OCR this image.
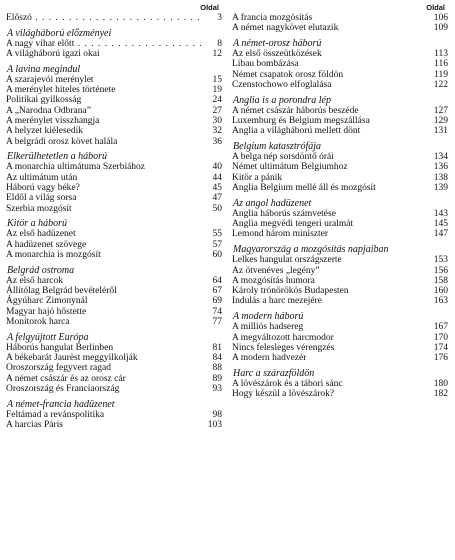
Oldal
Előszó . . .	3
A világháború előzményei
A nagy vihar előtt . . .	8
A világháború igazi okai	12
A lavina megindul
A szarajevói merénylet	15
A merénylet hiteles története	19
Politikai gyilkosság	24
A „Narodna Odbrana”	27
A merénylet visszhangja	30
A helyzet kiélesedik	32
A belgrádi orosz követ halála	36
Elkerülhetetlen a háború
A monarchia ultimátuma Szerbiához	40
Az ultimátum után	44
Háború vagy béke?	45
Eldől a világ sorsa	47
Szerbia mozgósít	50
Kitör a háború
Az első hadüzenet	55
A hadüzenet szövege	57
A monarchia is mozgósít	60
Belgrád ostroma
Az első harcok	64
Állítólag Belgrád bevételéről	67
Ágyúharc Zimonynál	69
Magyar hajó hőstette	74
Monitorok harca	77
A felgyújtott Európa
Háborús hangulat Berlinben	81
A békebarát Jaurèst meggyilkolják	84
Oroszország fegyvert ragad	88
A német császár és az orosz cár	89
Oroszország és Franciaország	93
A német-francia hadüzenet
Feltámad a revánspolitika	98
A harcias Páris	103
Oldal
A francia mozgósítás	106
A német nagykövet elutazik	109
A német-orosz háború
Az első összeütközések	113
Libau bombázása	116
Német csapatok orosz földön	119
Czenstochowo elfoglalása	122
Anglia is a porondra lép
A német császár háborús beszéde	127
Luxemburg és Belgium megszállása	129
Anglia a világháború mellett dönt	131
Belgium katasztrófája
A belga nép sorsdöntő órái	134
Német ultimátum Belgiumhoz	136
Kitör a pánik	138
Anglia Belgium mellé áll és mozgósít	139
Az angol hadüzenet
Anglia háborús számvetése	143
Anglia megvédi tengeri uralmát	145
Lemond három miniszter	147
Magyarország a mozgósítás napjaiban
Lelkes hangulat országszerte	153
Az ötvenéves „legény”	156
A mozgósítás humora	158
Károly trónörökös Budapesten	160
Indulás a harc mezejére	163
A modern háború
A milliós hadsereg	167
A megváltozott harcmodor	170
Nincs felesleges vérengzés	174
A modern hadvezér	176
Harc a szárazföldön
A lövészárok és a tábori sánc	180
Hogy készül a lövészárok?	182
